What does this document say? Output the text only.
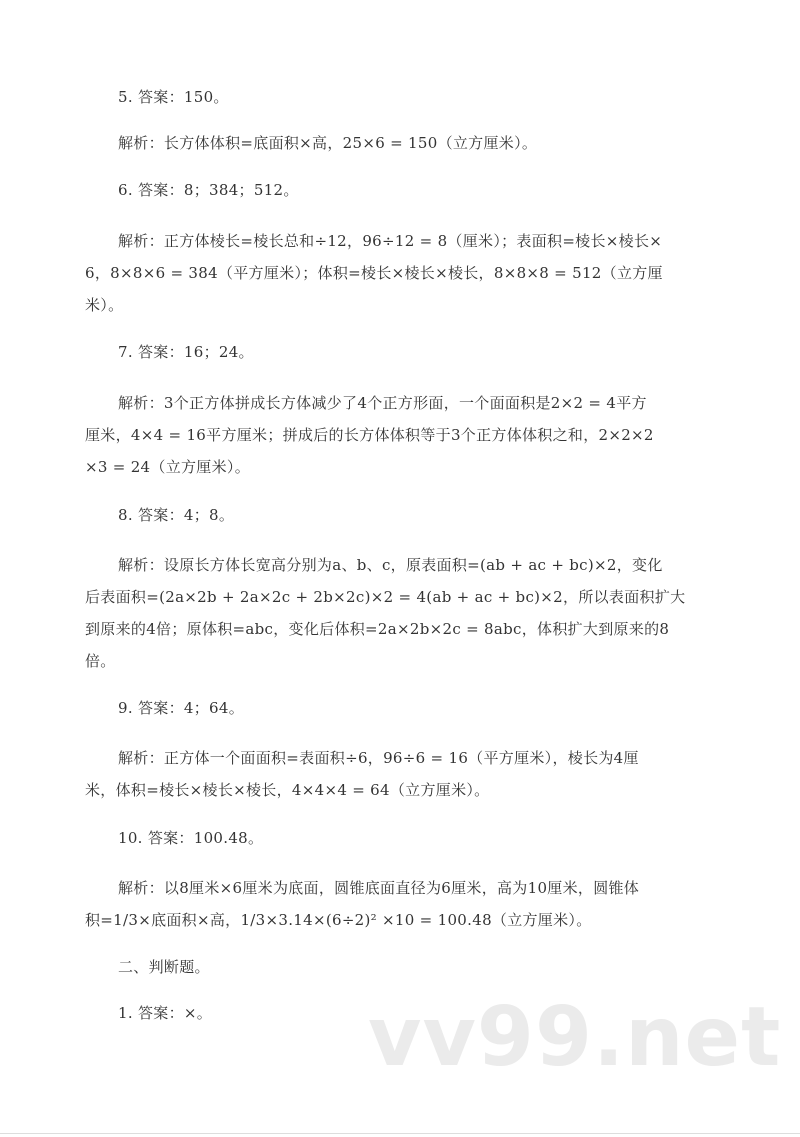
5. 答案：150。
解析：长方体体积=底面积×高，25×6 = 150（立方厘米）。
6. 答案：8；384；512。
解析：正方体棱长=棱长总和÷12，96÷12 = 8（厘米）；表面积=棱长×棱长×
6，8×8×6 = 384（平方厘米）；体积=棱长×棱长×棱长，8×8×8 = 512（立方厘
米）。
7. 答案：16；24。
解析：3个正方体拼成长方体减少了4个正方形面，一个面面积是2×2 = 4平方
厘米，4×4 = 16平方厘米；拼成后的长方体体积等于3个正方体体积之和，2×2×2
×3 = 24（立方厘米）。
8. 答案：4；8。
解析：设原长方体长宽高分别为a、b、c，原表面积=(ab + ac + bc)×2，变化
后表面积=(2a×2b + 2a×2c + 2b×2c)×2 = 4(ab + ac + bc)×2，所以表面积扩大
到原来的4倍；原体积=abc，变化后体积=2a×2b×2c = 8abc，体积扩大到原来的8
倍。
9. 答案：4；64。
解析：正方体一个面面积=表面积÷6，96÷6 = 16（平方厘米），棱长为4厘
米，体积=棱长×棱长×棱长，4×4×4 = 64（立方厘米）。
10. 答案：100.48。
解析：以8厘米×6厘米为底面，圆锥底面直径为6厘米，高为10厘米，圆锥体
积=1/3×底面积×高，1/3×3.14×(6÷2)² ×10 = 100.48（立方厘米）。
二、判断题。
1. 答案：×。 vv99.net
